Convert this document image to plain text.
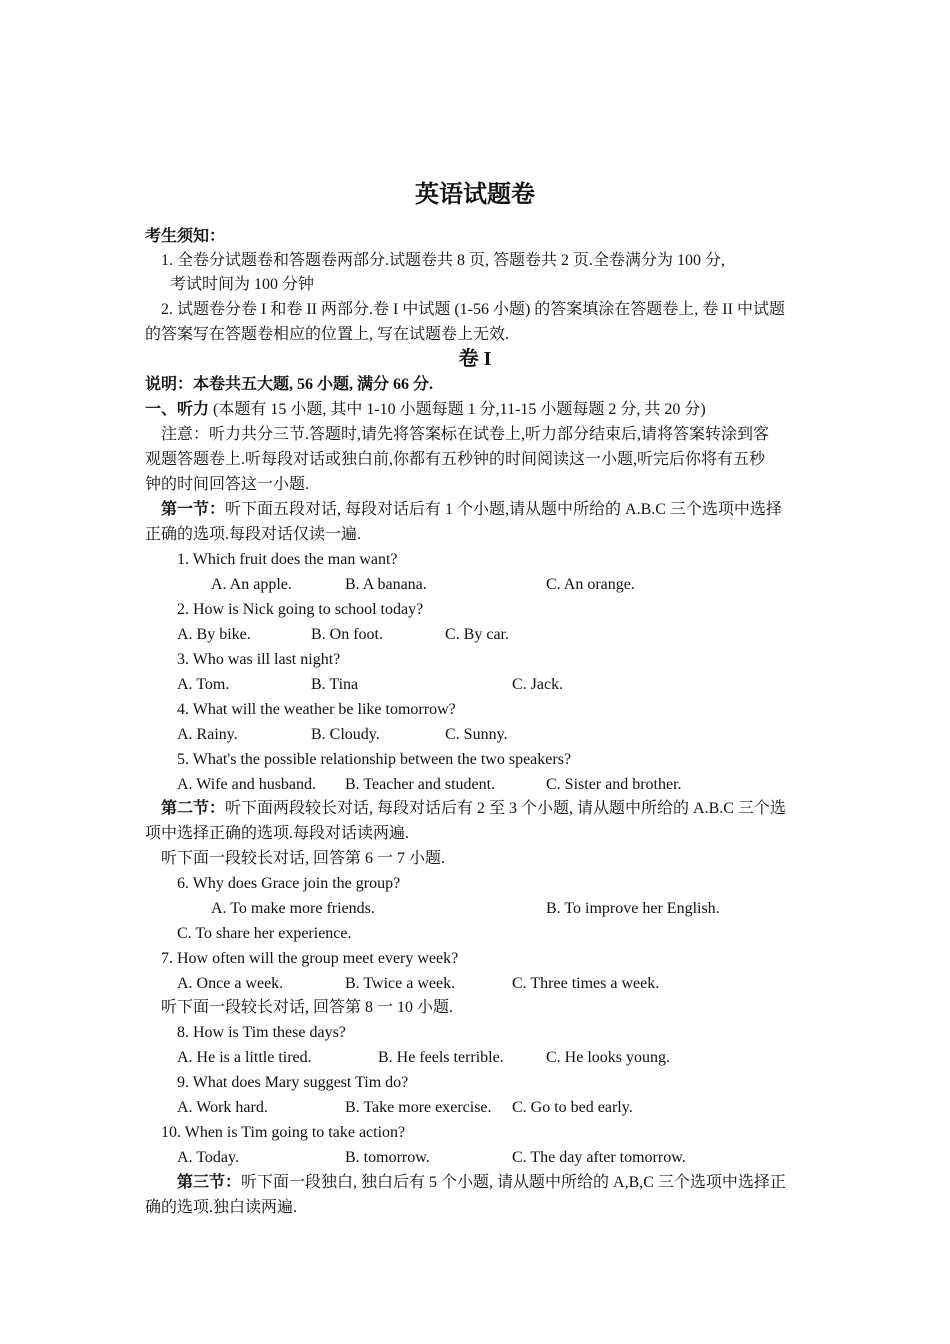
英语试题卷
考生须知：
1. 全卷分试题卷和答题卷两部分.试题卷共 8 页, 答题卷共 2 页.全卷满分为 100 分,
考试时间为 100 分钟
2. 试题卷分卷 I 和卷 II 两部分.卷 I 中试题 (1-56 小题) 的答案填涂在答题卷上, 卷 II 中试题
的答案写在答题卷相应的位置上, 写在试题卷上无效.
卷 I
说明：本卷共五大题, 56 小题, 满分 66 分.
一、听力 (本题有 15 小题, 其中 1-10 小题每题 1 分,11-15 小题每题 2 分, 共 20 分)
注意：听力共分三节.答题时,请先将答案标在试卷上,听力部分结束后,请将答案转涂到客
观题答题卷上.听每段对话或独白前,你都有五秒钟的时间阅读这一小题,听完后你将有五秒
钟的时间回答这一小题.
第一节：听下面五段对话, 每段对话后有 1 个小题,请从题中所给的 A.B.C 三个选项中选择
正确的选项.每段对话仅读一遍.
1. Which fruit does the man want?
A. An apple.	B. A banana.	C. An orange.
2. How is Nick going to school today?
A. By bike.	B. On foot.	C. By car.
3. Who was ill last night?
A. Tom.	B. Tina	C. Jack.
4. What will the weather be like tomorrow?
A. Rainy.	B. Cloudy.	C. Sunny.
5. What's the possible relationship between the two speakers?
A. Wife and husband. B. Teacher and student.	C. Sister and brother.
第二节：听下面两段较长对话, 每段对话后有 2 至 3 个小题, 请从题中所给的 A.B.C 三个选
项中选择正确的选项.每段对话读两遍.
听下面一段较长对话, 回答第 6 一 7 小题.
6. Why does Grace join the group?
A. To make more friends.	B. To improve her English.
C. To share her experience.
7. How often will the group meet every week?
A. Once a week.	B. Twice a week.	C. Three times a week.
听下面一段较长对话, 回答第 8 一 10 小题.
8. How is Tim these days?
A. He is a little tired.	B. He feels terrible.	C. He looks young.
9. What does Mary suggest Tim do?
A. Work hard.	B. Take more exercise. C. Go to bed early.
10. When is Tim going to take action?
A. Today.	B. tomorrow.	C. The day after tomorrow.
第三节：听下面一段独白, 独白后有 5 个小题, 请从题中所给的 A,B,C 三个选项中选择正
确的选项.独白读两遍.
